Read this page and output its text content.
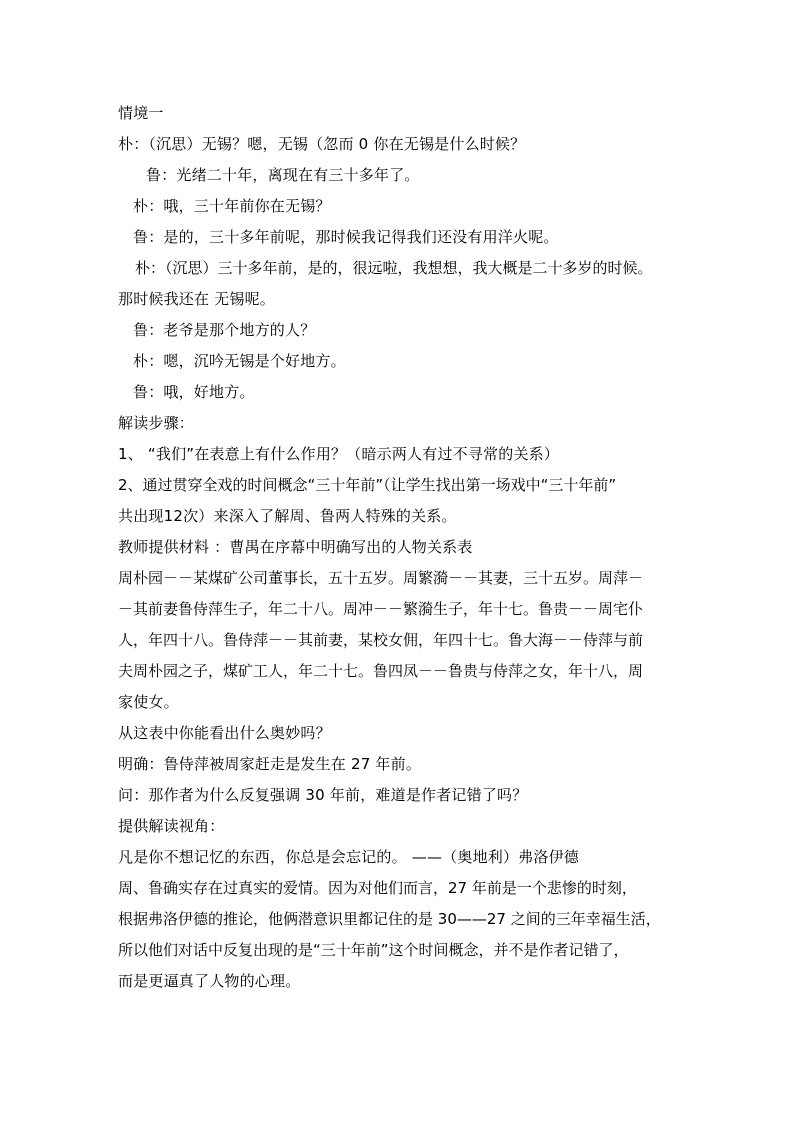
情境一

朴：（沉思）无锡？嗯，无锡（忽而 0 你在无锡是什么时候？

鲁：光绪二十年，离现在有三十多年了。

朴：哦，三十年前你在无锡？

鲁：是的，三十多年前呢，那时候我记得我们还没有用洋火呢。

朴：（沉思）三十多年前，是的，很远啦，我想想，我大概是二十多岁的时候。

那时候我还在 无锡呢。

鲁：老爷是那个地方的人？

朴：嗯，沉吟无锡是个好地方。

鲁：哦，好地方。

解读步骤：

1、 “我们”在表意上有什么作用？（暗示两人有过不寻常的关系）

2、通过贯穿全戏的时间概念“三十年前”（让学生找出第一场戏中“三十年前”

共出现12次）来深入了解周、鲁两人特殊的关系。

教师提供材料 ：曹禺在序幕中明确写出的人物关系表

周朴园－－某煤矿公司董事长，五十五岁。周繁漪－－其妻，三十五岁。周萍－

－其前妻鲁侍萍生子，年二十八。周冲－－繁漪生子，年十七。鲁贵－－周宅仆

人，年四十八。鲁侍萍－－其前妻，某校女佣，年四十七。鲁大海－－侍萍与前

夫周朴园之子，煤矿工人，年二十七。鲁四凤－－鲁贵与侍萍之女，年十八，周

家使女。

从这表中你能看出什么奥妙吗？

明确：鲁侍萍被周家赶走是发生在 27 年前。

问：那作者为什么反复强调 30 年前，难道是作者记错了吗？

提供解读视角：

凡是你不想记忆的东西，你总是会忘记的。 ——（奥地利）弗洛伊德

周、鲁确实存在过真实的爱情。因为对他们而言，27 年前是一个悲惨的时刻，

根据弗洛伊德的推论，他俩潜意识里都记住的是 30——27 之间的三年幸福生活，

所以他们对话中反复出现的是“三十年前”这个时间概念，并不是作者记错了，

而是更逼真了人物的心理。
